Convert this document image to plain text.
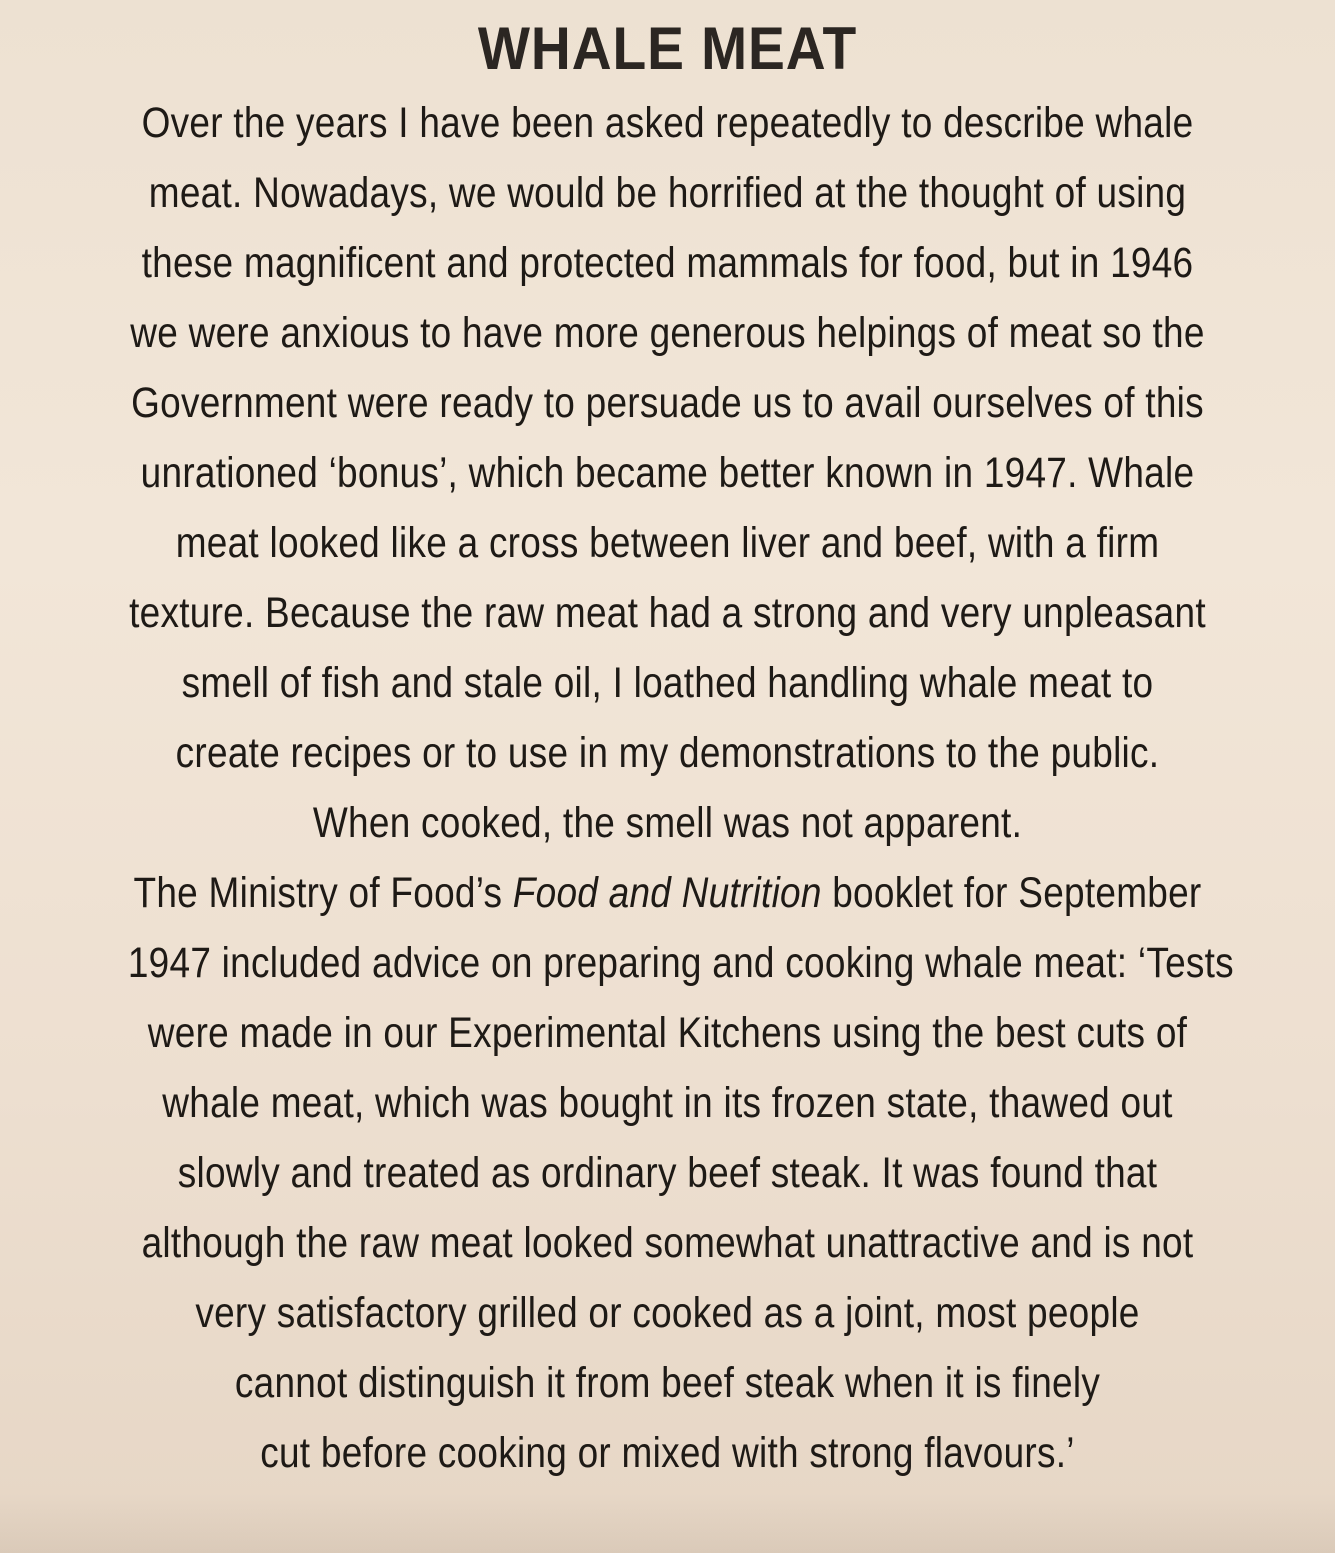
WHALE MEAT
Over the years I have been asked repeatedly to describe whale
meat. Nowadays, we would be horrified at the thought of using
these magnificent and protected mammals for food, but in 1946
we were anxious to have more generous helpings of meat so the
Government were ready to persuade us to avail ourselves of this
unrationed ‘bonus’, which became better known in 1947. Whale
meat looked like a cross between liver and beef, with a firm
texture. Because the raw meat had a strong and very unpleasant
smell of fish and stale oil, I loathed handling whale meat to
create recipes or to use in my demonstrations to the public.
When cooked, the smell was not apparent.
The Ministry of Food’s Food and Nutrition booklet for September
1947 included advice on preparing and cooking whale meat: ‘Tests
were made in our Experimental Kitchens using the best cuts of
whale meat, which was bought in its frozen state, thawed out
slowly and treated as ordinary beef steak. It was found that
although the raw meat looked somewhat unattractive and is not
very satisfactory grilled or cooked as a joint, most people
cannot distinguish it from beef steak when it is finely
cut before cooking or mixed with strong flavours.’
